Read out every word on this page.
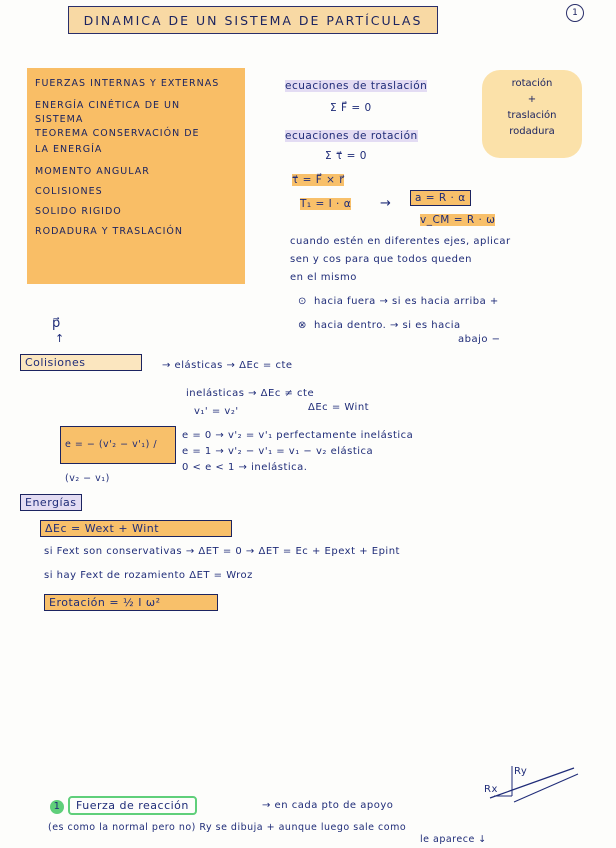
DINAMICA DE UN SISTEMA DE PARTÍCULAS	1
FUERZAS INTERNAS Y EXTERNAS
ENERGÍA CINÉTICA DE UN
SISTEMA
TEOREMA CONSERVACIÓN DE
LA ENERGÍA
MOMENTO ANGULAR
COLISIONES
SOLIDO RIGIDO
RODADURA Y TRASLACIÓN
ecuaciones de traslación
Σ F⃗ = 0
ecuaciones de rotación
Σ τ⃗ = 0
τ⃗ = F⃗ × r⃗
T₁ = I · α →	a = R · α
v_CM = R · ω
cuando estén en diferentes ejes, aplicar
sen y cos para que todos queden
en el mismo
⊙ hacia fuera → si es hacia arriba +
⊗ hacia dentro. → si es hacia
abajo −
rotación
+
traslación
rodadura
p⃗
↑
Colisiones	→ elásticas → ΔEc = cte
inelásticas → ΔEc ≠ cte
ΔEc = Wint
v₁' = v₂'
e = − (v'₂ − v'₁) / (v₂ − v₁)
e = 0 → v'₂ = v'₁ perfectamente inelástica
e = 1 → v'₂ − v'₁ = v₁ − v₂ elástica
0 < e < 1 → inelástica.
Energías
ΔEc = Wext + Wint
si Fext son conservativas → ΔET = 0 → ΔET = Ec + Epext + Epint
si hay Fext de rozamiento ΔET = Wroz
Erotación = ½ I ω²
1	Fuerza de reacción	→ en cada pto de apoyo
(es como la normal pero no) Ry se dibuja + aunque luego sale como
le aparece ↓
Rx
Ry
